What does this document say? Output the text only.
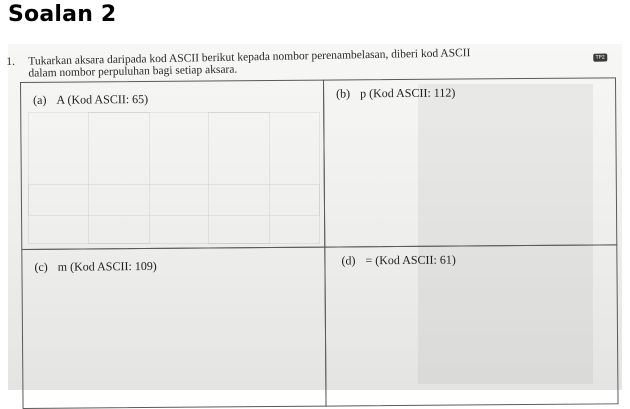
Soalan 2
1. Tukarkan aksara daripada kod ASCII berikut kepada nombor perenambelasan, diberi kod ASCII
dalam nombor perpuluhan bagi setiap aksara.
TP2
(a) A (Kod ASCII: 65)	(b) p (Kod ASCII: 112)
(c) m (Kod ASCII: 109)	(d) = (Kod ASCII: 61)
